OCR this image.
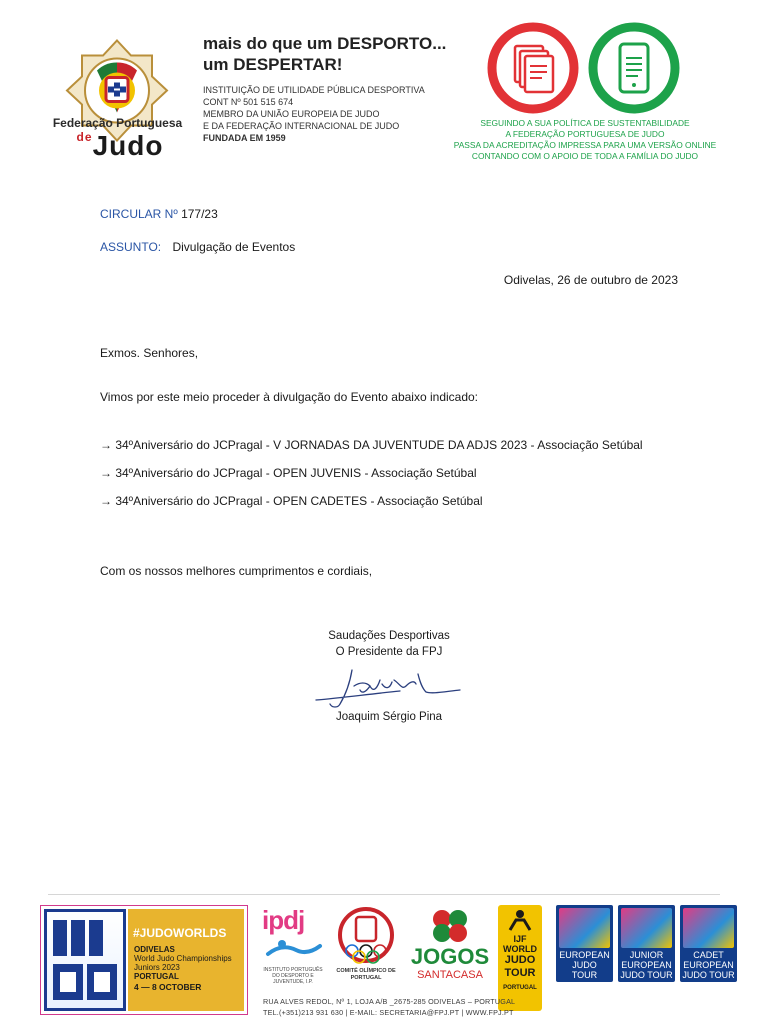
Federação Portuguesa
$^{de}$Judo
mais do que um DESPORTO...
um DESPERTAR!
INSTITUIÇÃO DE UTILIDADE PÚBLICA DESPORTIVA
CONT Nº 501 515 674
MEMBRO DA UNIÃO EUROPEIA DE JUDO
E DA FEDERAÇÃO INTERNACIONAL DE JUDO
FUNDADA EM 1959
SEGUINDO A SUA POLÍTICA DE SUSTENTABILIDADE
A FEDERAÇÃO PORTUGUESA DE JUDO
PASSA DA ACREDITAÇÃO IMPRESSA PARA UMA VERSÃO ONLINE
CONTANDO COM O APOIO DE TODA A FAMÍLIA DO JUDO
CIRCULAR Nº 177/23
ASSUNTO: Divulgação de Eventos
Odivelas, 26 de outubro de 2023
Exmos. Senhores,
Vimos por este meio proceder à divulgação do Evento abaixo indicado:
→ 34ºAniversário do JCPragal - V JORNADAS DA JUVENTUDE DA ADJS 2023 - Associação Setúbal
→ 34ºAniversário do JCPragal - OPEN JUVENIS - Associação Setúbal
→ 34ºAniversário do JCPragal - OPEN CADETES - Associação Setúbal
Com os nossos melhores cumprimentos e cordiais,
Saudações Desportivas
O Presidente da FPJ
Joaquim Sérgio Pina
#JUDOWORLDS
ODIVELAS
World Judo Championships
Juniors 2023
PORTUGAL
4 — 8 OCTOBER
ipdj
INSTITUTO PORTUGUÊS DO DESPORTO E JUVENTUDE, I.P.
COMITÉ OLÍMPICO DE PORTUGAL
JOGOS
SANTACASA
IJF
WORLD
JUDO
TOUR
PORTUGAL
EUROPEAN
JUDO
TOUR
JUNIOR
EUROPEAN
JUDO TOUR
CADET
EUROPEAN
JUDO TOUR
RUA ALVES REDOL, Nº 1, LOJA A/B _2675-285 ODIVELAS – PORTUGAL
TEL.(+351)213 931 630 | E-MAIL: SECRETARIA@FPJ.PT | WWW.FPJ.PT
